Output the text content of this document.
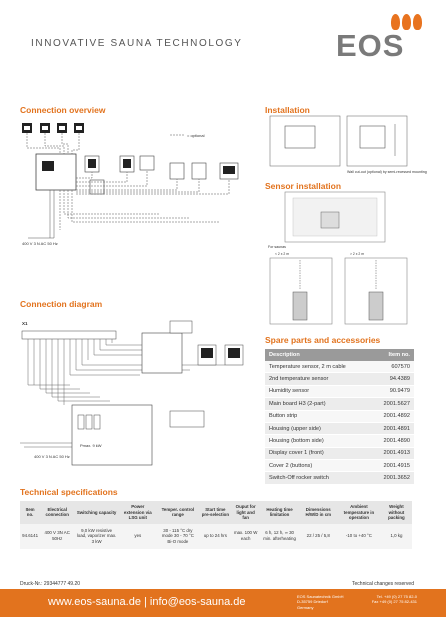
INNOVATIVE SAUNA TECHNOLOGY	EOS
Connection overview	Installation
Sensor installation
Connection diagram
Spare parts and accessories
Technical specifications
= optional
400 V 3 N AC 50 Hz
Wall cut-out (optional) by semi-recessed mounting
For saunas
< 2 x 2 m	> 2 x 2 m
X1
Pmax. 9 kW
400 V 3 N AC 50 Hz
Description	Item no.
Temperature sensor, 2 m cable	607570
2nd temperature sensor	94.4389
Humidity sensor	90.9479
Main board H3 (2-part)	2001.5627
Button strip	2001.4892
Housing (upper side)	2001.4891
Housing (bottom side)	2001.4890
Display cover 1 (front)	2001.4913
Cover 2 (buttons)	2001.4915
Switch-Off rocker switch	2001.3652
Item no.	Electrical connection	Switching capacity	Power extension via LSG unit	Temper. control range	Start time pre-selection	Ouput for light and fan	Heating time limitation	Dimensions H/W/D in cm	Ambient temperature in operation	Weight without packing
94.6141	400 V 3N AC 50Hz	9,0 kW resistive load, vaporizer max. 3 kW	yes	30 - 115 °C dry mode 30 - 70 °C Bi-O mode	up to 24 hrs	max. 100 W each	6 h, 12 h, ∞ 30 min. afterheating	22 / 25 / 5,8	-10 to +40 °C	1,0 kg
Druck-Nr.: 29344777 49.20	Technical changes reserved
www.eos-sauna.de | info@eos-sauna.de	EOS Saunatechnik GmbH	Tel. +49 (0) 27 75 82-0
D-35759 Driedorf	Fax +49 (0) 27 75 82-431
Germany
